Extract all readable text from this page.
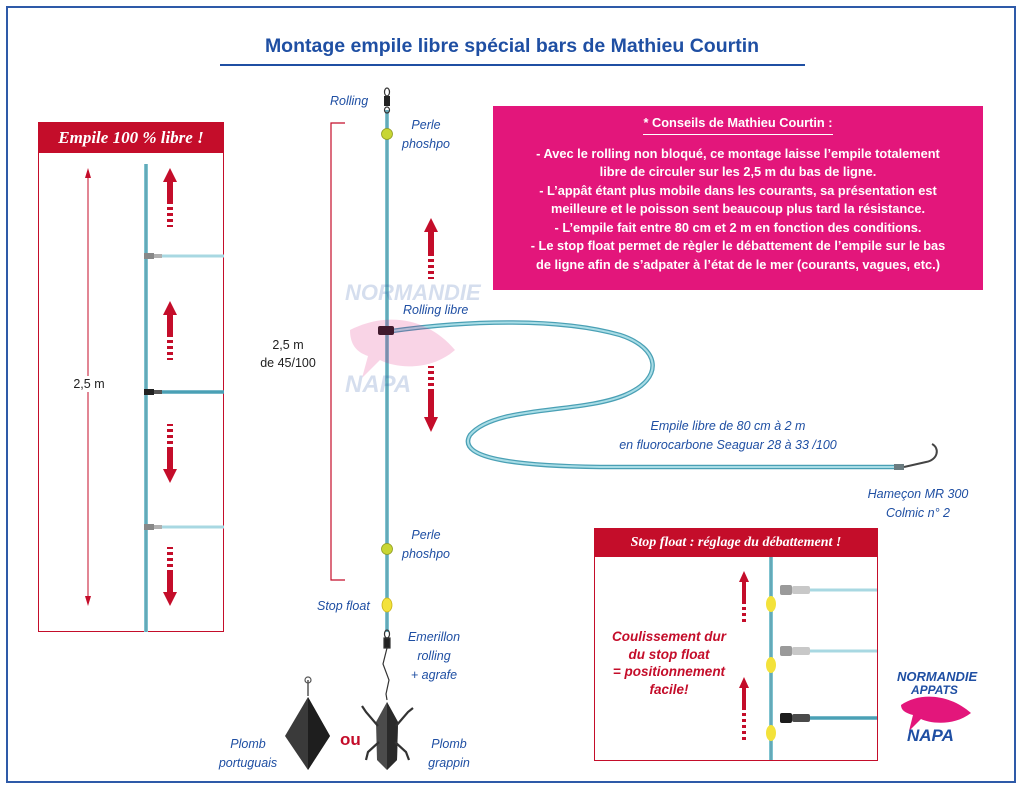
Montage empile libre spécial bars de Mathieu Courtin
Empile 100 % libre !
NORMANDIE
NAPA
2,5 m
Rolling
Perle
phoshpo
2,5 m
de 45/100
Rolling libre
Perle
phoshpo
Stop float
Emerillon
rolling
+ agrafe
Empile libre de 80 cm à 2 m
en fluorocarbone Seaguar 28 à 33 /100
Hameçon MR 300
Colmic n° 2
Plomb
portuguais
ou	Plomb
grappin
* Conseils de Mathieu Courtin :
- Avec le rolling non bloqué, ce montage laisse l’empile totalement
libre de circuler sur les 2,5 m du bas de ligne.
- L’appât étant plus mobile dans les courants, sa présentation est
meilleure et le poisson sent beaucoup plus tard la résistance.
- L’empile fait entre 80 cm et 2 m en fonction des conditions.
- Le stop float permet de règler le débattement de l’empile sur le bas
de ligne afin de s’adpater à l’état de le mer (courants, vagues, etc.)
Stop float : réglage du débattement !
Coulissement dur
du stop float
= positionnement
facile!
NORMANDIE
APPATS
NAPA
